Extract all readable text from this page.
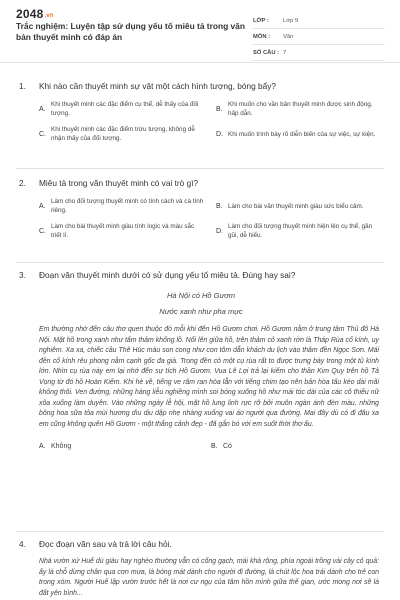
2048.vn
Trắc nghiệm: Luyện tập sử dụng yếu tố miêu tả trong văn bản thuyết minh có đáp án
LỚP :	Lớp 9
MÔN :	Văn
SỐ CÂU : 7
1.	Khi nào cần thuyết minh sự vật một cách hình tượng, bóng bẩy?
A.
Khi thuyết minh các đặc điểm cụ thể, dễ thấy của đối tượng.
B.
Khi muốn cho văn bản thuyết minh được sinh động, hấp dẫn.
C.
Khi thuyết minh các đặc điểm trừu tượng, không dễ nhận thấy của đối tượng.
D. Khi muốn trình bày rõ diễn biến của sự việc, sự kiện.
2.	Miêu tả trong văn thuyết minh có vai trò gì?
A.
Làm cho đối tượng thuyết minh có tính cách và cá tính riêng.
B. Làm cho bài văn thuyết minh giàu sức biểu cảm.
C.
Làm cho bài thuyết minh giàu tính logic và màu sắc triết lí.
D.
Làm cho đối tượng thuyết minh hiện lên cụ thể, gần gũi, dễ hiểu.
3.	Đoạn văn thuyết minh dưới có sử dụng yếu tố miêu tả. Đúng hay sai?
Hà Nội có Hồ Gươm
Nước xanh như pha mực
Em thường nhớ đến câu thơ quen thuộc đó mỗi khi đến Hồ Gươm chơi. Hồ Gươm nằm ở trung tâm Thủ đô Hà Nội. Mặt hồ trong xanh như tấm thảm khổng lồ. Nổi lên giữa hồ, trên thảm cỏ xanh rờn là Tháp Rùa cổ kính, uy nghiêm. Xa xa, chiếc cầu Thê Húc màu son cong như con tôm dẫn khách du lịch vào thăm đền Ngọc Sơn. Mái đền cổ kính rêu phong nằm cạnh gốc đa già. Trong đền có một cụ rùa rất to được trưng bày trong một tủ kính lớn. Nhìn cụ rùa này em lại nhớ đến sự tích Hồ Gươm. Vua Lê Lợi trả lại kiếm cho thần Kim Quy trên hồ Tả Vọng từ đó hồ Hoàn Kiếm. Khi hè về, tiếng ve râm ran hòa lẫn với tiếng chim tạo nên bản hòa tấu kéo dài mãi không thôi. Ven đường, những hàng liễu nghiêng mình soi bóng xuống hồ như mái tóc dài của các cô thiếu nữ xõa xuống làm duyên. Vào những ngày lễ hội, mặt hồ lung linh rực rỡ bởi muôn ngàn ánh đèn màu, những bông hoa sữa tỏa mùi hương dìu dịu dặp nhẹ nhàng xuống vai áo người qua đường. Mai đây dù có đi đâu xa em cũng không quên Hồ Gươm - một thắng cảnh đẹp - đã gắn bó với em suốt thời thơ ấu.
A. Không	B. Có
4.	Đọc đoạn văn sau và trả lời câu hỏi.
Nhà vườn xứ Huế dù giàu hay nghèo thường vẫn có cổng gạch, mái khá rộng, phía ngoài trồng vài cây cỏ quả: ấy là chỗ dừng chân qua cơn mưa, là bóng mát dành cho người đi đường, là chút lộc hoa trái dành cho trẻ con trong xóm. Người Huế lập vườn trước hết là nơi cư ngụ của tâm hồn mình giữa thế gian, ước mong nơi sẽ là đất yên bình...
